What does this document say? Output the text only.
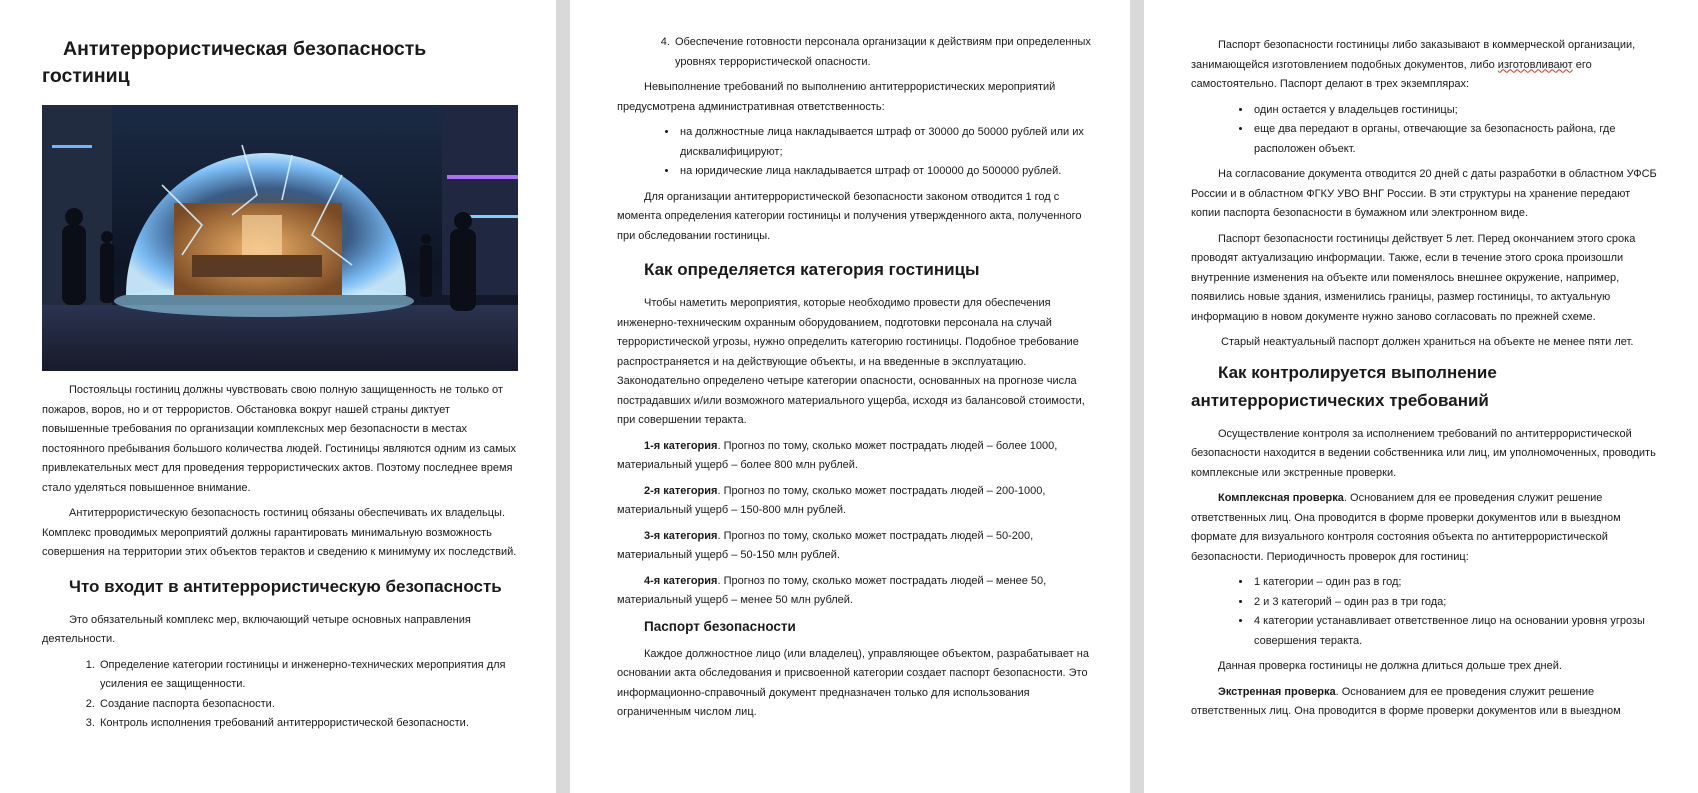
Антитеррористическая безопасность гостиниц

Постояльцы гостиниц должны чувствовать свою полную защищенность не только от пожаров, воров, но и от террористов. Обстановка вокруг нашей страны диктует повышенные требования по организации комплексных мер безопасности в местах постоянного пребывания большого количества людей. Гостиницы являются одним из самых привлекательных мест для проведения террористических актов. Поэтому последнее время стало уделяться повышенное внимание.

Антитеррористическую безопасность гостиниц обязаны обеспечивать их владельцы. Комплекс проводимых мероприятий должны гарантировать минимальную возможность совершения на территории этих объектов терактов и сведению к минимуму их последствий.

Что входит в антитеррористическую безопасность

Это обязательный комплекс мер, включающий четыре основных направления деятельности.

1. Определение категории гостиницы и инженерно-технических мероприятия для усиления ее защищенности.
2. Создание паспорта безопасности.
3. Контроль исполнения требований антитеррористической безопасности.
4. Обеспечение готовности персонала организации к действиям при определенных уровнях террористической опасности.

Невыполнение требований по выполнению антитеррористических мероприятий предусмотрена административная ответственность:

• на должностные лица накладывается штраф от 30000 до 50000 рублей или их дисквалифицируют;
• на юридические лица накладывается штраф от 100000 до 500000 рублей.

Для организации антитеррористической безопасности законом отводится 1 год с момента определения категории гостиницы и получения утвержденного акта, полученного при обследовании гостиницы.

Как определяется категория гостиницы

Чтобы наметить мероприятия, которые необходимо провести для обеспечения инженерно-техническим охранным оборудованием, подготовки персонала на случай террористической угрозы, нужно определить категорию гостиницы. Подобное требование распространяется и на действующие объекты, и на введенные в эксплуатацию. Законодательно определено четыре категории опасности, основанных на прогнозе числа пострадавших и/или возможного материального ущерба, исходя из балансовой стоимости, при совершении теракта.

1-я категория. Прогноз по тому, сколько может пострадать людей – более 1000, материальный ущерб – более 800 млн рублей.

2-я категория. Прогноз по тому, сколько может пострадать людей – 200-1000, материальный ущерб – 150-800 млн рублей.

3-я категория. Прогноз по тому, сколько может пострадать людей – 50-200, материальный ущерб – 50-150 млн рублей.

4-я категория. Прогноз по тому, сколько может пострадать людей – менее 50, материальный ущерб – менее 50 млн рублей.

Паспорт безопасности

Каждое должностное лицо (или владелец), управляющее объектом, разрабатывает на основании акта обследования и присвоенной категории создает паспорт безопасности. Это информационно-справочный документ предназначен только для использования ограниченным числом лиц.

Паспорт безопасности гостиницы либо заказывают в коммерческой организации, занимающейся изготовлением подобных документов, либо изготовливают его самостоятельно. Паспорт делают в трех экземплярах:

• один остается у владельцев гостиницы;
• еще два передают в органы, отвечающие за безопасность района, где расположен объект.

На согласование документа отводится 20 дней с даты разработки в областном УФСБ России и в областном ФГКУ УВО ВНГ России. В эти структуры на хранение передают копии паспорта безопасности в бумажном или электронном виде.

Паспорт безопасности гостиницы действует 5 лет. Перед окончанием этого срока проводят актуализацию информации. Также, если в течение этого срока произошли внутренние изменения на объекте или поменялось внешнее окружение, например, появились новые здания, изменились границы, размер гостиницы, то актуальную информацию в новом документе нужно заново согласовать по прежней схеме.

Старый неактуальный паспорт должен храниться на объекте не менее пяти лет.

Как контролируется выполнение антитеррористических требований

Осуществление контроля за исполнением требований по антитеррористической безопасности находится в ведении собственника или лиц, им уполномоченных, проводить комплексные или экстренные проверки.

Комплексная проверка. Основанием для ее проведения служит решение ответственных лиц. Она проводится в форме проверки документов или в выездном формате для визуального контроля состояния объекта по антитеррористической безопасности. Периодичность проверок для гостиниц:

• 1 категории – один раз в год;
• 2 и 3 категорий – один раз в три года;
• 4 категории устанавливает ответственное лицо на основании уровня угрозы совершения теракта.

Данная проверка гостиницы не должна длиться дольше трех дней.

Экстренная проверка. Основанием для ее проведения служит решение ответственных лиц. Она проводится в форме проверки документов или в выездном
